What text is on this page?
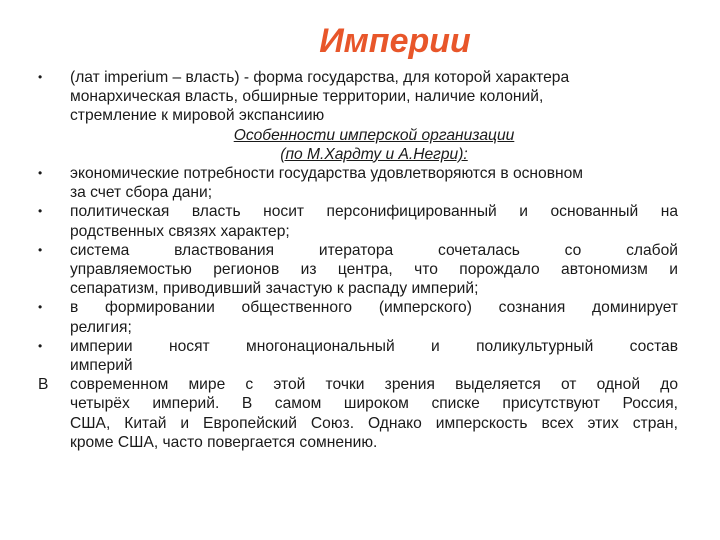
Империи
•	(лат imperium – власть) - форма государства, для которой характера
монархическая власть, обширные территории, наличие колоний,
стремление к мировой экспансиию
Особенности имперской организации
(по М.Хардту и А.Негри):
• экономические потребности государства удовлетворяются в основном
за счет сбора дани;
• политическая власть носит персонифицированный и основанный на
родственных связях характер;
• система властвования итератора сочеталась со слабой
управляемостью регионов из центра, что порождало автономизм и
сепаратизм, приводивший зачастую к распаду империй;
• в формировании общественного (имперского) сознания доминирует
религия;
• империи носят многонациональный и поликультурный состав
империй
В	современном мире с этой точки зрения выделяется от одной до
четырёх империй. В самом широком списке присутствуют Россия,
США, Китай и Европейский Союз. Однако имперскость всех этих стран,
кроме США, часто повергается сомнению.
